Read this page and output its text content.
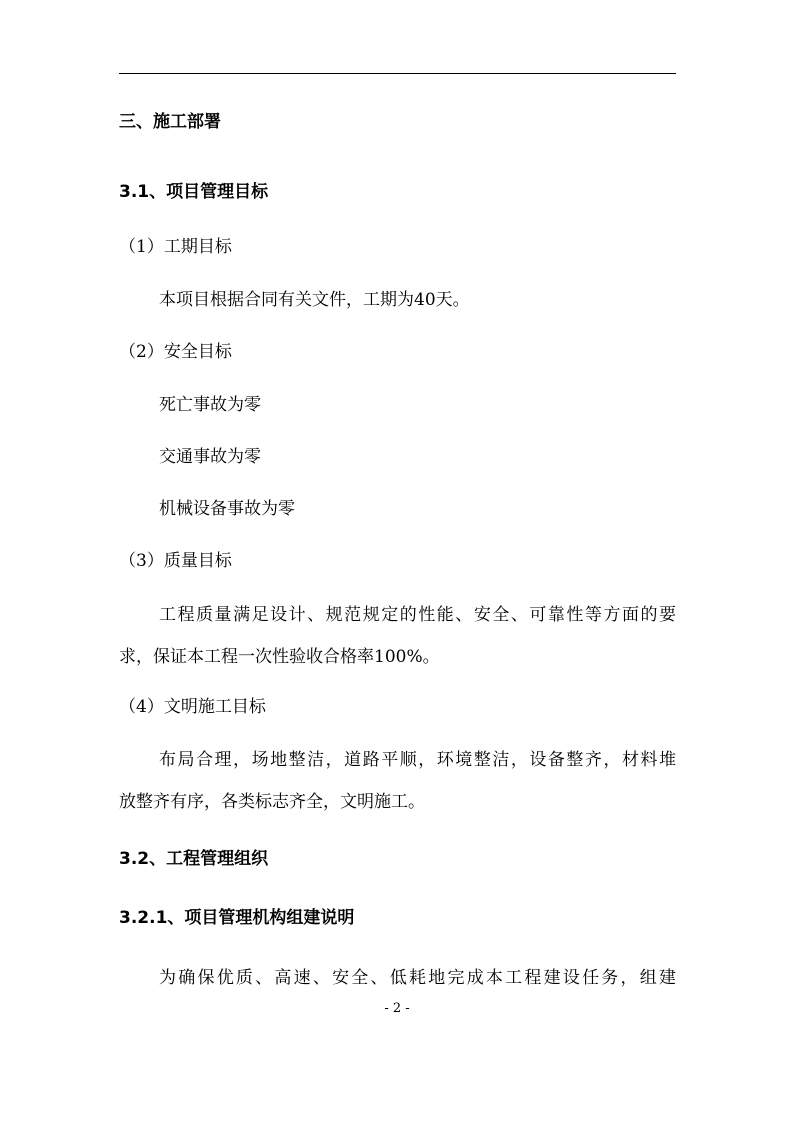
三、施工部署
3.1、项目管理目标
（1）工期目标
本项目根据合同有关文件，工期为40天。
（2）安全目标
死亡事故为零
交通事故为零
机械设备事故为零
（3）质量目标
工程质量满足设计、规范规定的性能、安全、可靠性等方面的要
求，保证本工程一次性验收合格率100%。
（4）文明施工目标
布局合理，场地整洁，道路平顺，环境整洁，设备整齐，材料堆
放整齐有序，各类标志齐全，文明施工。
3.2、工程管理组织
3.2.1、项目管理机构组建说明
为确保优质、高速、安全、低耗地完成本工程建设任务，组建
- 2 -
